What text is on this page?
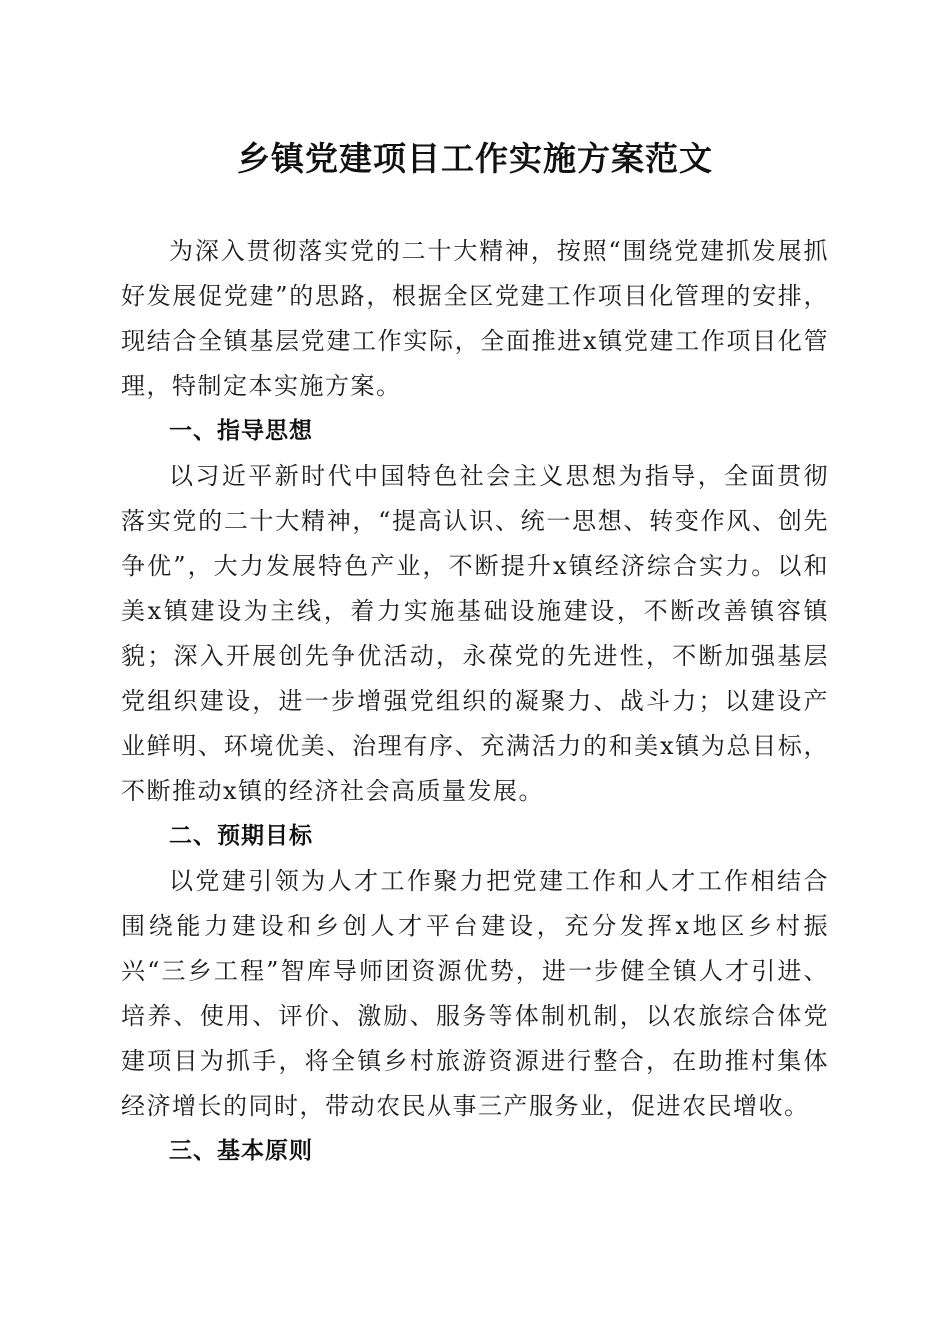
乡镇党建项目工作实施方案范文

为深入贯彻落实党的二十大精神，按照“围绕党建抓发展抓好发展促党建”的思路，根据全区党建工作项目化管理的安排，现结合全镇基层党建工作实际，全面推进x镇党建工作项目化管理，特制定本实施方案。

一、指导思想

以习近平新时代中国特色社会主义思想为指导，全面贯彻落实党的二十大精神，“提高认识、统一思想、转变作风、创先争优”，大力发展特色产业，不断提升x镇经济综合实力。以和美x镇建设为主线，着力实施基础设施建设，不断改善镇容镇貌；深入开展创先争优活动，永葆党的先进性，不断加强基层党组织建设，进一步增强党组织的凝聚力、战斗力；以建设产业鲜明、环境优美、治理有序、充满活力的和美x镇为总目标，不断推动x镇的经济社会高质量发展。

二、预期目标

以党建引领为人才工作聚力把党建工作和人才工作相结合围绕能力建设和乡创人才平台建设，充分发挥x地区乡村振兴“三乡工程”智库导师团资源优势，进一步健全镇人才引进、培养、使用、评价、激励、服务等体制机制，以农旅综合体党建项目为抓手，将全镇乡村旅游资源进行整合，在助推村集体经济增长的同时，带动农民从事三产服务业，促进农民增收。

三、基本原则
